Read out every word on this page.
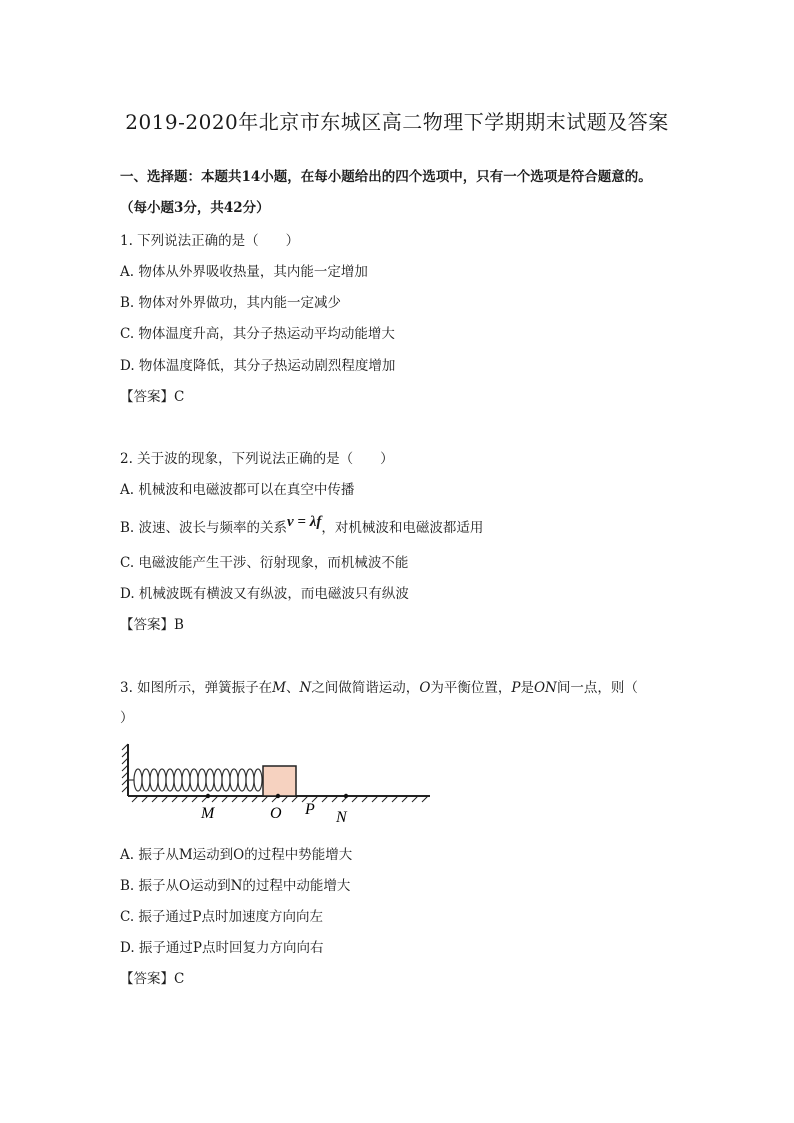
2019-2020年北京市东城区高二物理下学期期末试题及答案
一、选择题：本题共14小题，在每小题给出的四个选项中，只有一个选项是符合题意的。
（每小题3分，共42分）
1. 下列说法正确的是（　　）
A. 物体从外界吸收热量，其内能一定增加
B. 物体对外界做功，其内能一定减少
C. 物体温度升高，其分子热运动平均动能增大
D. 物体温度降低，其分子热运动剧烈程度增加
【答案】C
2. 关于波的现象，下列说法正确的是（　　）
A. 机械波和电磁波都可以在真空中传播
B. 波速、波长与频率的关系v = λf，对机械波和电磁波都适用
C. 电磁波能产生干涉、衍射现象，而机械波不能
D. 机械波既有横波又有纵波，而电磁波只有纵波
【答案】B
3. 如图所示，弹簧振子在M、N之间做简谐运动，O为平衡位置，P是ON间一点，则（
）
M	O P N
A. 振子从M运动到O的过程中势能增大
B. 振子从O运动到N的过程中动能增大
C. 振子通过P点时加速度方向向左
D. 振子通过P点时回复力方向向右
【答案】C
